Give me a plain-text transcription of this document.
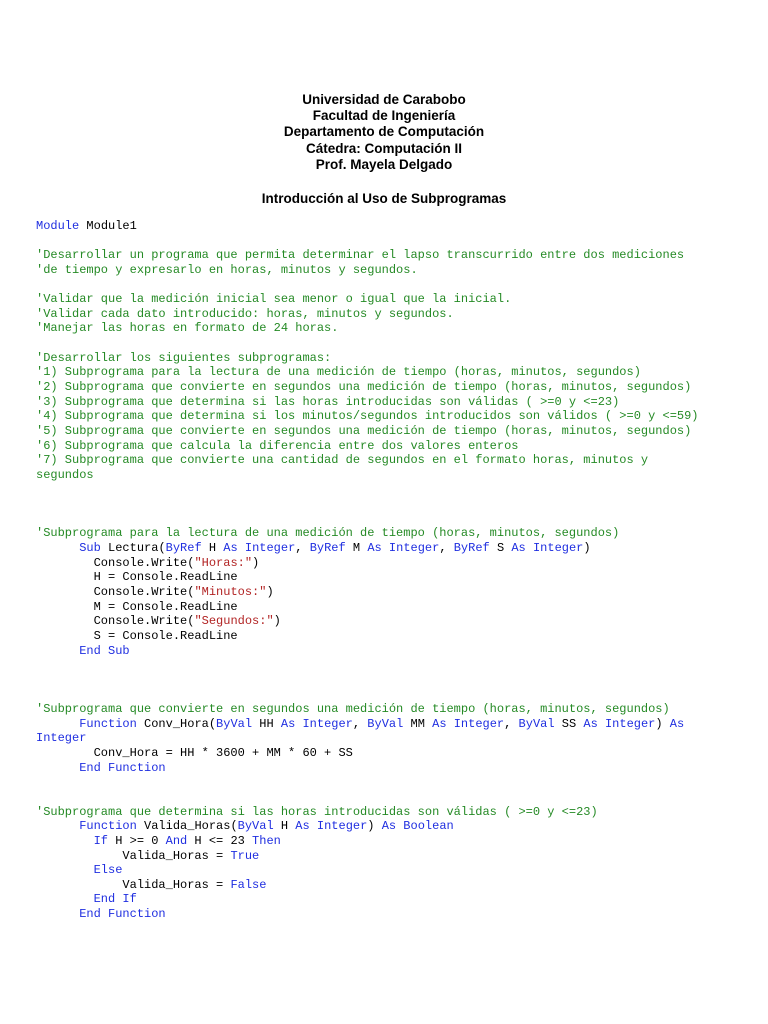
Universidad de Carabobo
Facultad de Ingeniería
Departamento de Computación
Cátedra: Computación II
Prof. Mayela Delgado
Introducción al Uso de Subprogramas
Module Module1
'Desarrollar un programa que permita determinar el lapso transcurrido entre dos mediciones
'de tiempo y expresarlo en horas, minutos y segundos.
'Validar que la medición inicial sea menor o igual que la inicial.
'Validar cada dato introducido: horas, minutos y segundos.
'Manejar las horas en formato de 24 horas.
'Desarrollar los siguientes subprogramas:
'1) Subprograma para la lectura de una medición de tiempo (horas, minutos, segundos)
'2) Subprograma que convierte en segundos una medición de tiempo (horas, minutos, segundos)
'3) Subprograma que determina si las horas introducidas son válidas ( >=0 y <=23)
'4) Subprograma que determina si los minutos/segundos introducidos son válidos ( >=0 y <=59)
'5) Subprograma que convierte en segundos una medición de tiempo (horas, minutos, segundos)
'6) Subprograma que calcula la diferencia entre dos valores enteros
'7) Subprograma que convierte una cantidad de segundos en el formato horas, minutos y
segundos
'Subprograma para la lectura de una medición de tiempo (horas, minutos, segundos)
Sub Lectura(ByRef H As Integer, ByRef M As Integer, ByRef S As Integer)
Console.Write("Horas:")
H = Console.ReadLine
Console.Write("Minutos:")
M = Console.ReadLine
Console.Write("Segundos:")
S = Console.ReadLine
End Sub
'Subprograma que convierte en segundos una medición de tiempo (horas, minutos, segundos)
Function Conv_Hora(ByVal HH As Integer, ByVal MM As Integer, ByVal SS As Integer) As
Integer
Conv_Hora = HH * 3600 + MM * 60 + SS
End Function
'Subprograma que determina si las horas introducidas son válidas ( >=0 y <=23)
Function Valida_Horas(ByVal H As Integer) As Boolean
If H >= 0 And H <= 23 Then
Valida_Horas = True
Else
Valida_Horas = False
End If
End Function
